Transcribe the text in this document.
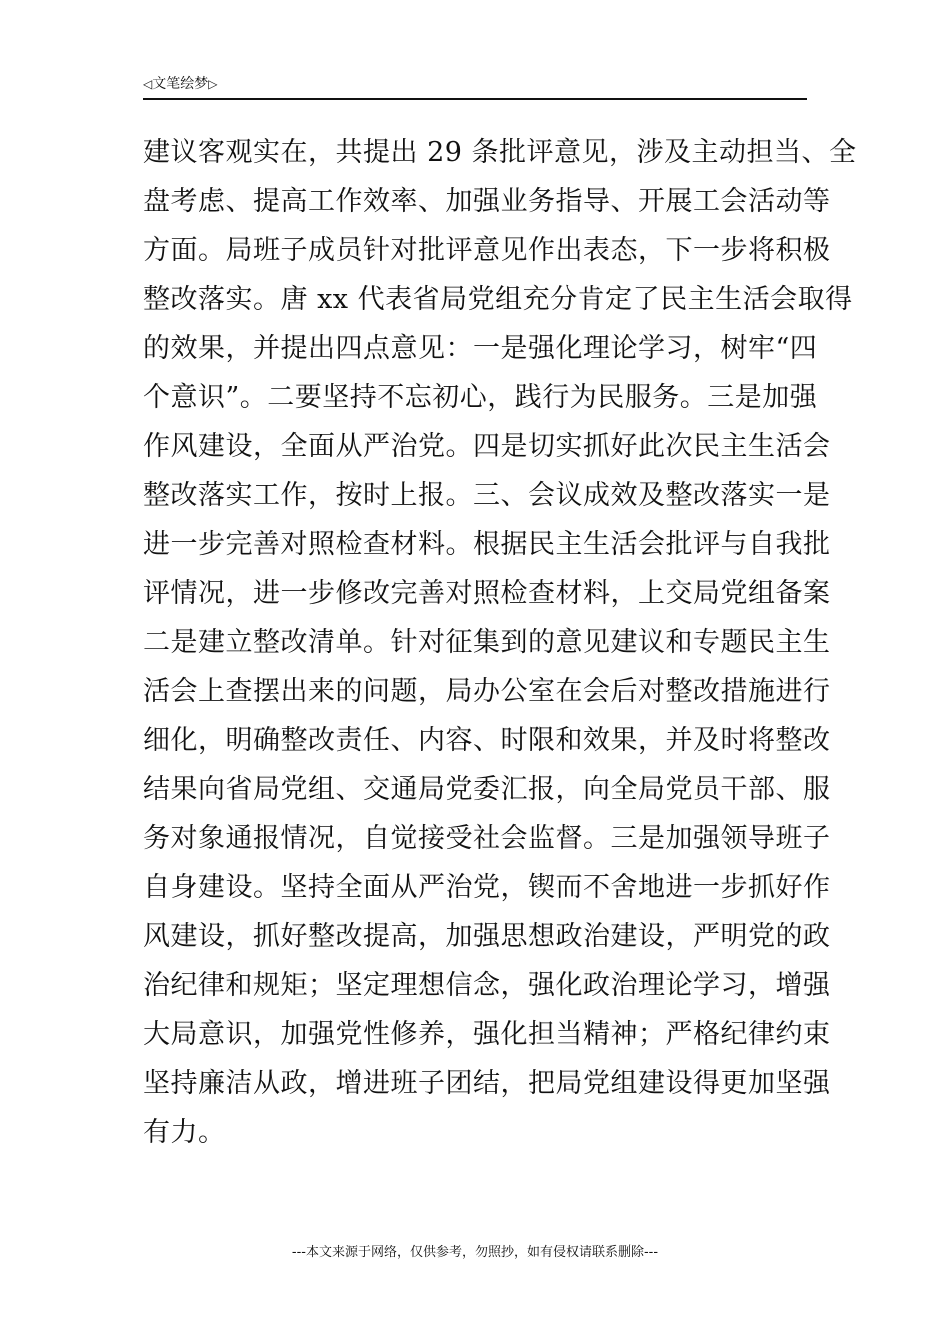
◁文笔绘梦▷
建议客观实在，共提出 29 条批评意见，涉及主动担当、全
盘考虑、提高工作效率、加强业务指导、开展工会活动等
方面。局班子成员针对批评意见作出表态，下一步将积极
整改落实。唐 xx 代表省局党组充分肯定了民主生活会取得
的效果，并提出四点意见：一是强化理论学习，树牢“四
个意识”。二要坚持不忘初心，践行为民服务。三是加强
作风建设，全面从严治党。四是切实抓好此次民主生活会
整改落实工作，按时上报。三、会议成效及整改落实一是
进一步完善对照检查材料。根据民主生活会批评与自我批
评情况，进一步修改完善对照检查材料，上交局党组备案
二是建立整改清单。针对征集到的意见建议和专题民主生
活会上查摆出来的问题，局办公室在会后对整改措施进行
细化，明确整改责任、内容、时限和效果，并及时将整改
结果向省局党组、交通局党委汇报，向全局党员干部、服
务对象通报情况，自觉接受社会监督。三是加强领导班子
自身建设。坚持全面从严治党，锲而不舍地进一步抓好作
风建设，抓好整改提高，加强思想政治建设，严明党的政
治纪律和规矩；坚定理想信念，强化政治理论学习，增强
大局意识，加强党性修养，强化担当精神；严格纪律约束
坚持廉洁从政，增进班子团结，把局党组建设得更加坚强
有力。
---本文来源于网络，仅供参考，勿照抄，如有侵权请联系删除---
